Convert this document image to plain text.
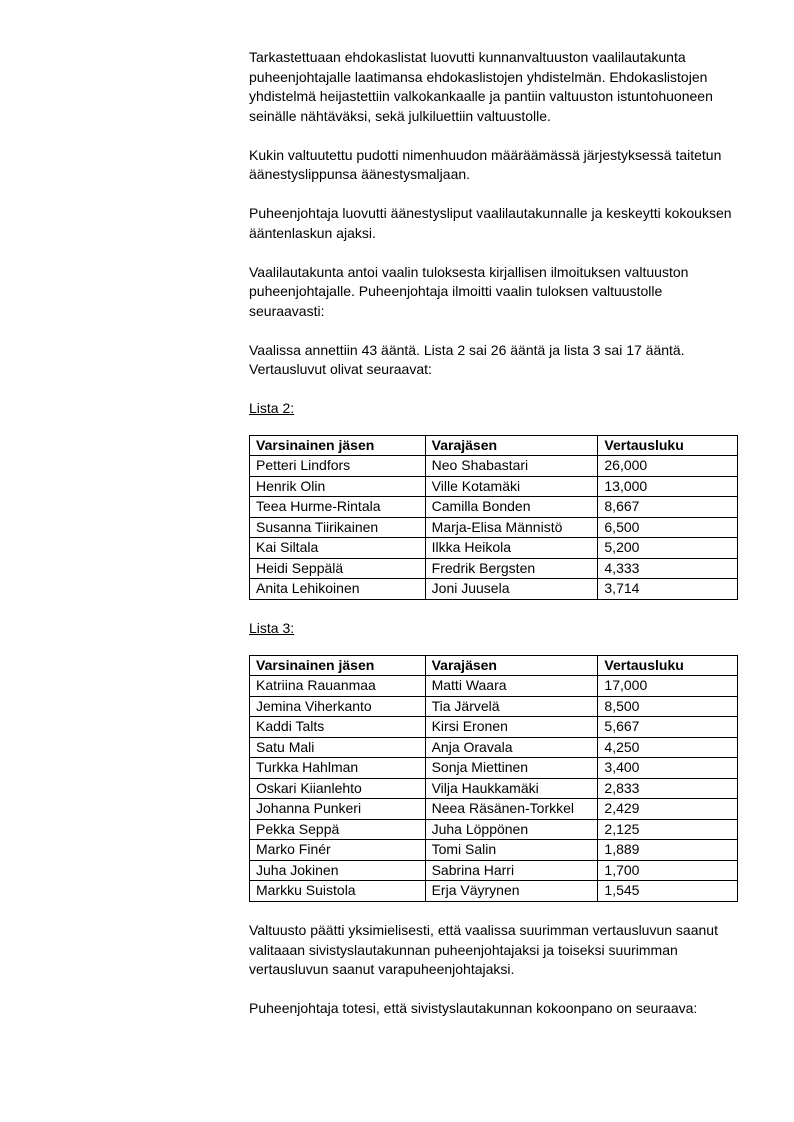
Tarkastettuaan ehdokaslistat luovutti kunnanvaltuuston vaalilautakunta puheenjohtajalle laatimansa ehdokaslistojen yhdistelmän. Ehdokaslistojen yhdistelmä heijastettiin valkokankaalle ja pantiin valtuuston istuntohuoneen seinälle nähtäväksi, sekä julkiluettiin valtuustolle.

Kukin valtuutettu pudotti nimenhuudon määräämässä järjestyksessä taitetun äänestyslippunsa äänestysmaljaan.

Puheenjohtaja luovutti äänestysliput vaalilautakunnalle ja keskeytti kokouksen ääntenlaskun ajaksi.

Vaalilautakunta antoi vaalin tuloksesta kirjallisen ilmoituksen valtuuston puheenjohtajalle. Puheenjohtaja ilmoitti vaalin tuloksen valtuustolle seuraavasti:

Vaalissa annettiin 43 ääntä. Lista 2 sai 26 ääntä ja lista 3 sai 17 ääntä. Vertausluvut olivat seuraavat:

Lista 2:

Varsinainen jäsen	Varajäsen	Vertausluku
Petteri Lindfors	Neo Shabastari	26,000
Henrik Olin	Ville Kotamäki	13,000
Teea Hurme-Rintala	Camilla Bonden	8,667
Susanna Tiirikainen	Marja-Elisa Männistö	6,500
Kai Siltala	Ilkka Heikola	5,200
Heidi Seppälä	Fredrik Bergsten	4,333
Anita Lehikoinen	Joni Juusela	3,714

Lista 3:

Varsinainen jäsen	Varajäsen	Vertausluku
Katriina Rauanmaa	Matti Waara	17,000
Jemina Viherkanto	Tia Järvelä	8,500
Kaddi Talts	Kirsi Eronen	5,667
Satu Mali	Anja Oravala	4,250
Turkka Hahlman	Sonja Miettinen	3,400
Oskari Kiianlehto	Vilja Haukkamäki	2,833
Johanna Punkeri	Neea Räsänen-Torkkel	2,429
Pekka Seppä	Juha Löppönen	2,125
Marko Finér	Tomi Salin	1,889
Juha Jokinen	Sabrina Harri	1,700
Markku Suistola	Erja Väyrynen	1,545

Valtuusto päätti yksimielisesti, että vaalissa suurimman vertausluvun saanut valitaaan sivistyslautakunnan puheenjohtajaksi ja toiseksi suurimman vertausluvun saanut varapuheenjohtajaksi.

Puheenjohtaja totesi, että sivistyslautakunnan kokoonpano on seuraava:
